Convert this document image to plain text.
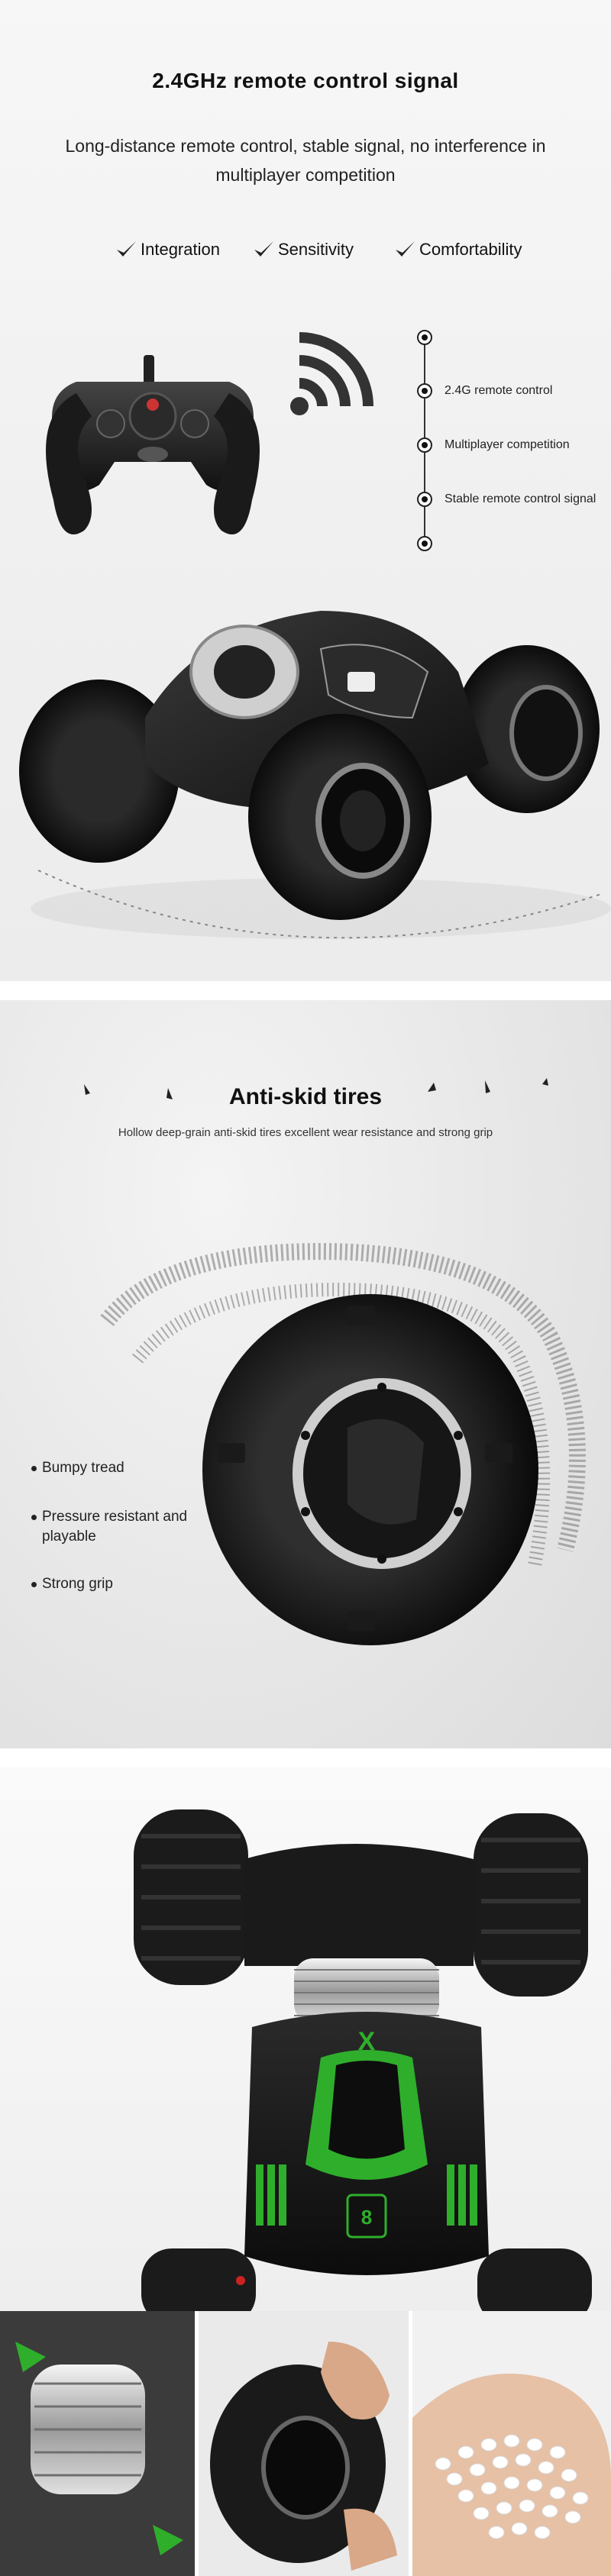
2.4GHz remote control signal
Long-distance remote control, stable signal, no interference in multiplayer competition
Integration	Sensitivity	Comfortability
2.4G remote control
Multiplayer competition
Stable remote control signal
Anti-skid tires
Hollow deep-grain anti-skid tires excellent wear resistance and strong grip
Bumpy tread
Pressure resistant and playable
Strong grip
X
8
